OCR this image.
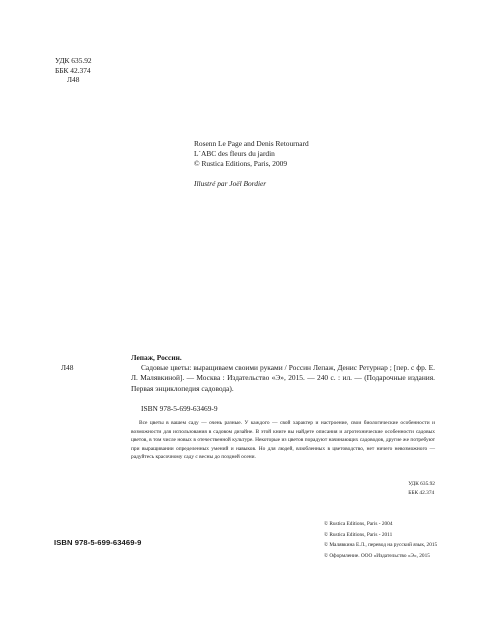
УДК 635.92
ББК 42.374
Л48
Rosenn Le Page and Denis Retournard
L`ABC des fleurs du jardin
© Rustica Editions, Paris, 2009
Illustré par Joël Bordier
Л48
Лепаж, Россин.
Садовые цветы: выращиваем своими руками / Россин Лепаж, Денис Ретурнар ; [пер. с фр. Е. Л. Малявкиной]. — Москва : Издательство «Э», 2015. — 240 с. : ил. — (Подарочные издания. Первая энциклопедия садовода).
ISBN 978-5-699-63469-9
Все цветы в вашем саду — очень разные. У каждого — свой характер и настроение, свои биологические особенности и возможности для использования в садовом дизайне. В этой книге вы найдете описания и агротехнические особенности садовых цветов, в том числе новых в отечественной культуре. Некоторые из цветов порадуют начинающих садоводов, другие же потребуют при выращивании определенных умений и навыков. Но для людей, влюбленных в цветоводство, нет ничего невозможного — радуйтесь красочному саду с весны до поздней осени.
УДК 635.92
ББК 42.374
ISBN 978-5-699-63469-9
© Rustica Editions, Paris - 2004
© Rustica Editions, Paris - 2011
© Малявкина Е.Л., перевод на русский язык, 2015
© Оформление. ООО «Издательство «Э», 2015
